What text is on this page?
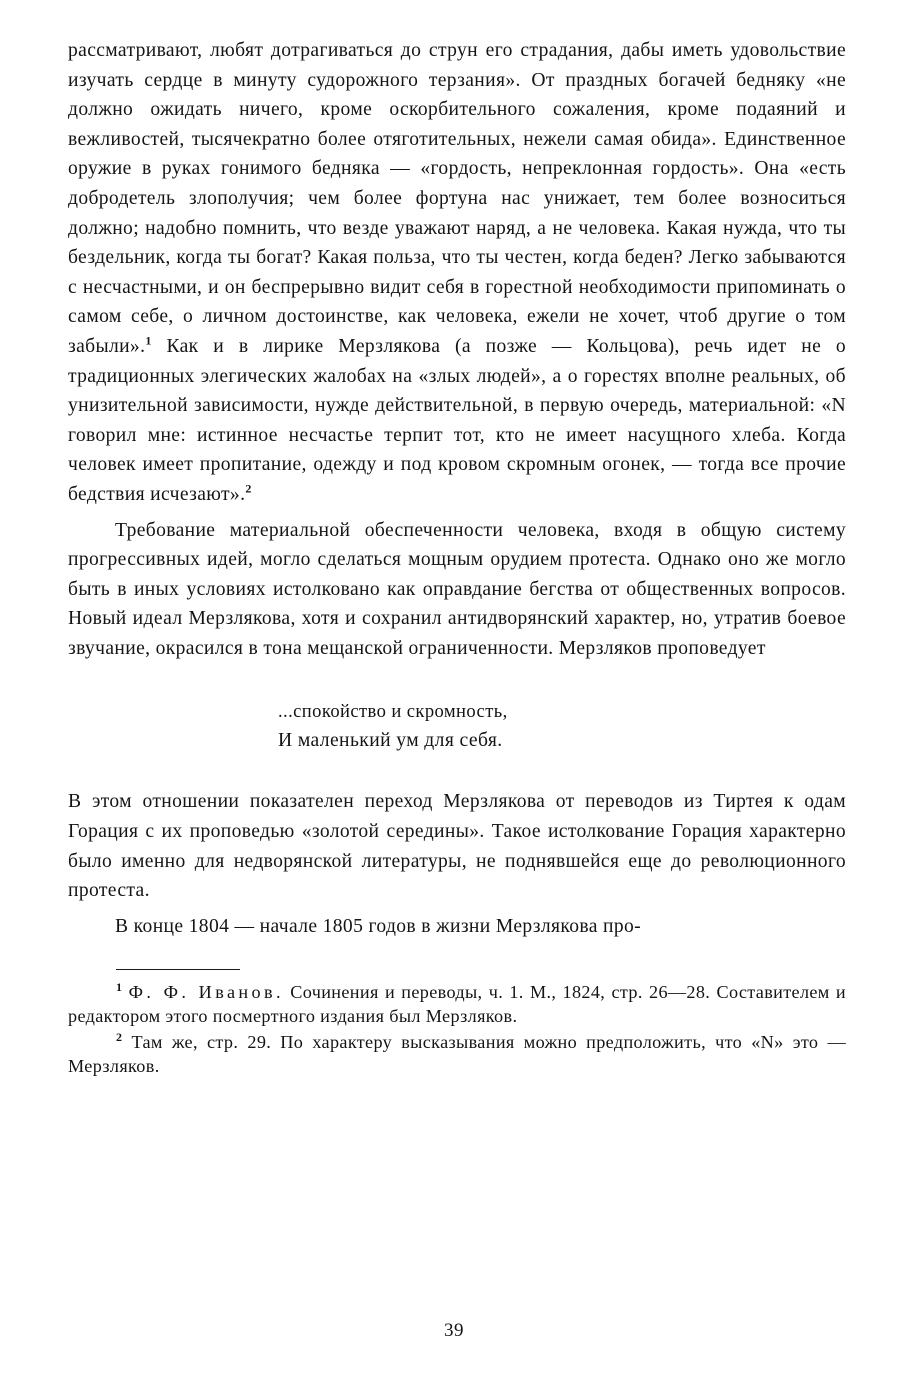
рассматривают, любят дотрагиваться до струн его страдания, дабы иметь удовольствие изучать сердце в минуту судорожного терзания». От праздных богачей бедняку «не должно ожидать ничего, кроме оскорбительного сожаления, кроме подаяний и вежливостей, тысячекратно более отяготительных, нежели самая обида». Единственное оружие в руках гонимого бедняка — «гордость, непреклонная гордость». Она «есть добродетель злополучия; чем более фортуна нас унижает, тем более возноситься должно; надобно помнить, что везде уважают наряд, а не человека. Какая нужда, что ты бездельник, когда ты богат? Какая польза, что ты честен, когда беден? Легко забываются с несчастными, и он беспрерывно видит себя в горестной необходимости припоминать о самом себе, о личном достоинстве, как человека, ежели не хочет, чтоб другие о том забыли».$^1$ Как и в лирике Мерзлякова (а позже — Кольцова), речь идет не о традиционных элегических жалобах на «злых людей», а о горестях вполне реальных, об унизительной зависимости, нужде действительной, в первую очередь, материальной: «N говорил мне: истинное несчастье терпит тот, кто не имеет насущного хлеба. Когда человек имеет пропитание, одежду и под кровом скромным огонек, — тогда все прочие бедствия исчезают».$^2$

Требование материальной обеспеченности человека, входя в общую систему прогрессивных идей, могло сделаться мощным орудием протеста. Однако оно же могло быть в иных условиях истолковано как оправдание бегства от общественных вопросов. Новый идеал Мерзлякова, хотя и сохранил антидворянский характер, но, утратив боевое звучание, окрасился в тона мещанской ограниченности. Мерзляков проповедует

...спокойство и скромность,
И маленький ум для себя.

В этом отношении показателен переход Мерзлякова от переводов из Тиртея к одам Горация с их проповедью «золотой середины». Такое истолкование Горация характерно было именно для недворянской литературы, не поднявшейся еще до революционного протеста.

В конце 1804 — начале 1805 годов в жизни Мерзлякова про-

$^1$ Ф. Ф. Иванов. Сочинения и переводы, ч. 1. М., 1824, стр. 26—28. Составителем и редактором этого посмертного издания был Мерзляков.

$^2$ Там же, стр. 29. По характеру высказывания можно предположить, что «N» это — Мерзляков.

39
